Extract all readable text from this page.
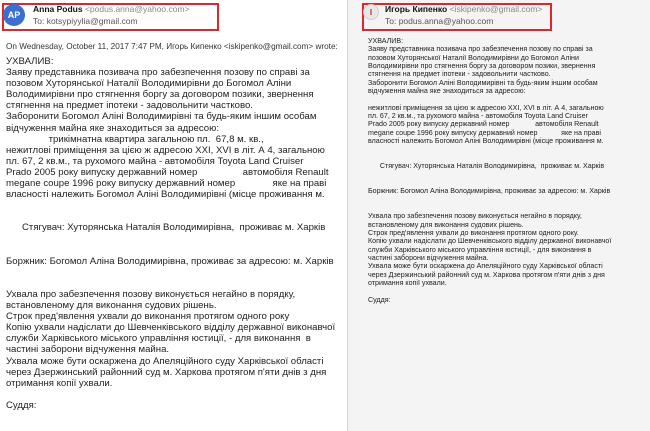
AP
Anna Podus <podus.anna@yahoo.com>
To: kotsypiyylia@gmail.com
On Wednesday, October 11, 2017 7:47 PM, Игорь Кипенко <iskipenko@gmail.com> wrote:
УХВАЛИВ:
Заяву представника позивача про забезпечення позову по справі за
позовом Хуторянської Наталії Володимирівни до Богомол Аліни
Володимирівни про стягнення боргу за договором позики, звернення
стягнення на предмет іпотеки - задовольнити частково.
Заборонити Богомол Аліні Володимирівні та будь-яким іншим особам
відчуження майна яке знаходиться за адресою:
трикімнатна квартира загальною пл.  67,8 м. кв.,
нежитлові приміщення за цією ж адресою XXI, XVI в літ. А 4, загальною
пл. 67, 2 кв.м., та рухомого майна - автомобіля Toyota Land Cruiser
Prado 2005 року випуску державний номер                 автомобіля Renault
megane coupe 1996 року випуску державний номер              яке на праві
власності належить Богомол Аліні Володимирівні (місце проживання м.

Стягувач: Хуторянська Наталія Володимирівна,  проживає м. Харків

Боржник: Богомол Аліна Володимирівна, проживає за адресою: м. Харків

Ухвала про забезпечення позову виконується негайно в порядку,
встановленому для виконання судових рішень.
Строк пред'явлення ухвали до виконання протягом одного року
Копію ухвали надіслати до Шевченківського відділу державної виконавчої
служби Харківського міського управління юстиції, - для виконання  в
частині заборони відчуження майна.
Ухвала може бути оскаржена до Апеляційного суду Харківської області
через Дзержинський районний суд м. Харкова протягом п'яти днів з дня
отримання копії ухвали.

Суддя:
I Игорь Кипенко <iskipenko@gmail.com>
To: podus.anna@yahoo.com
УХВАЛИВ:
Заяву представника позивача про забезпечення позову по справі за
позовом Хуторянської Наталії Володимирівни до Богомол Аліни
Володимирівни про стягнення боргу за договором позики, звернення
стягнення на предмет іпотеки - задовольнити частково.
Заборонити Богомол Аліні Володимирівні та будь-яким іншим особам
відчуження майна яке знаходиться за адресою:

нежитлові приміщення за цією ж адресою XXI, XVI в літ. А 4, загальною
пл. 67, 2 кв.м., та рухомого майна - автомобіля Toyota Land Cruiser
Prado 2005 року випуску державний номер             автомобіля Renault
megane coupe 1996 року випуску державний номер            яке на праві
власності належить Богомол Аліні Володимирівні (місце проживання м.

Стягувач: Хуторянська Наталія Володимирівна,  проживає м. Харків

Боржник: Богомол Аліна Володимирівна, проживає за адресою: м. Харків

Ухвала про забезпечення позову виконується негайно в порядку,
встановленому для виконання судових рішень.
Строк пред'явлення ухвали до виконання протягом одного року.
Копію ухвали надіслати до Шевченківського відділу державної виконавчої
служби Харківського міського управління юстиції, - для виконання в
частині заборони відчуження майна.
Ухвала може бути оскаржена до Апеляційного суду Харківської області
через Дзержинський районний суд м. Харкова протягом п'яти днів з дня
отримання копії ухвали.

Суддя:
